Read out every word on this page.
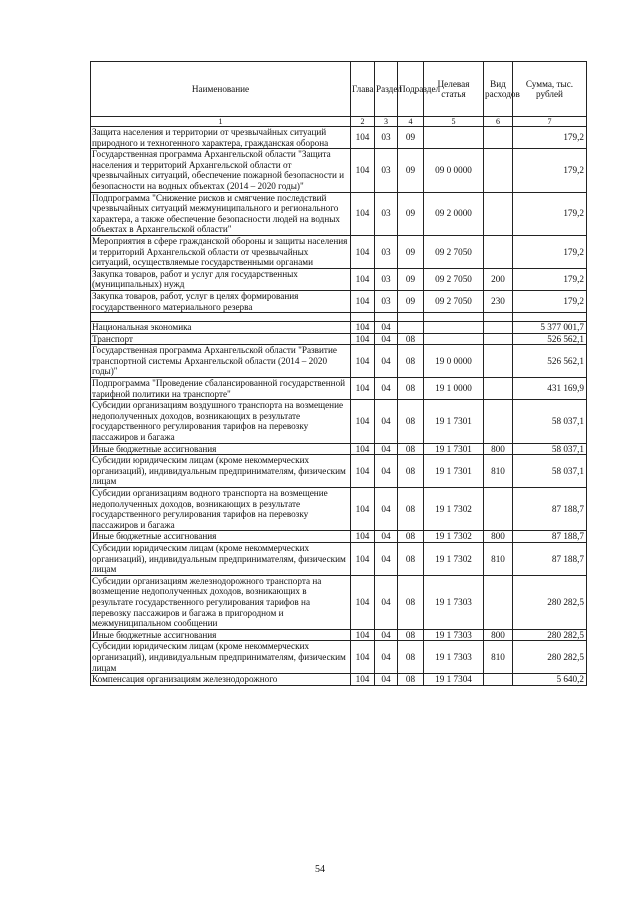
Наименование	Глава	Раздел	Подраздел	Целевая статья	Вид расходов	Сумма, тыс. рублей
1	2	3	4	5	6	7
Защита населения и территории от чрезвычайных ситуаций природного и техногенного характера, гражданская оборона	104	03	09			179,2
Государственная программа Архангельской области "Защита населения и территорий Архангельской области от чрезвычайных ситуаций, обеспечение пожарной безопасности и безопасности на водных объектах (2014 – 2020 годы)"	104	03	09	09 0 0000		179,2
Подпрограмма "Снижение рисков и смягчение последствий чрезвычайных ситуаций межмуниципального и регионального характера, а также обеспечение безопасности людей на водных объектах в Архангельской области"	104	03	09	09 2 0000		179,2
Мероприятия в сфере гражданской обороны и защиты населения и территорий Архангельской области от чрезвычайных ситуаций, осуществляемые государственными органами	104	03	09	09 2 7050		179,2
Закупка товаров, работ и услуг для государственных (муниципальных) нужд	104	03	09	09 2 7050	200	179,2
Закупка товаров, работ, услуг в целях формирования государственного материального резерва	104	03	09	09 2 7050	230	179,2

Национальная экономика	104	04				5 377 001,7
Транспорт	104	04	08			526 562,1
Государственная программа Архангельской области "Развитие транспортной системы Архангельской области (2014 – 2020 годы)"	104	04	08	19 0 0000		526 562,1
Подпрограмма "Проведение сбалансированной государственной тарифной политики на транспорте"	104	04	08	19 1 0000		431 169,9
Субсидии организациям воздушного транспорта на возмещение недополученных доходов, возникающих в результате государственного регулирования тарифов на перевозку пассажиров и багажа	104	04	08	19 1 7301		58 037,1
Иные бюджетные ассигнования	104	04	08	19 1 7301	800	58 037,1
Субсидии юридическим лицам (кроме некоммерческих организаций), индивидуальным предпринимателям, физическим лицам	104	04	08	19 1 7301	810	58 037,1
Субсидии организациям водного транспорта на возмещение недополученных доходов, возникающих в результате государственного регулирования тарифов на перевозку пассажиров и багажа	104	04	08	19 1 7302		87 188,7
Иные бюджетные ассигнования	104	04	08	19 1 7302	800	87 188,7
Субсидии юридическим лицам (кроме некоммерческих организаций), индивидуальным предпринимателям, физическим лицам	104	04	08	19 1 7302	810	87 188,7
Субсидии организациям железнодорожного транспорта на возмещение недополученных доходов, возникающих в результате государственного регулирования тарифов на перевозку пассажиров и багажа в пригородном и межмуниципальном сообщении	104	04	08	19 1 7303		280 282,5
Иные бюджетные ассигнования	104	04	08	19 1 7303	800	280 282,5
Субсидии юридическим лицам (кроме некоммерческих организаций), индивидуальным предпринимателям, физическим лицам	104	04	08	19 1 7303	810	280 282,5
Компенсация организациям железнодорожного	104	04	08	19 1 7304		5 640,2
54
